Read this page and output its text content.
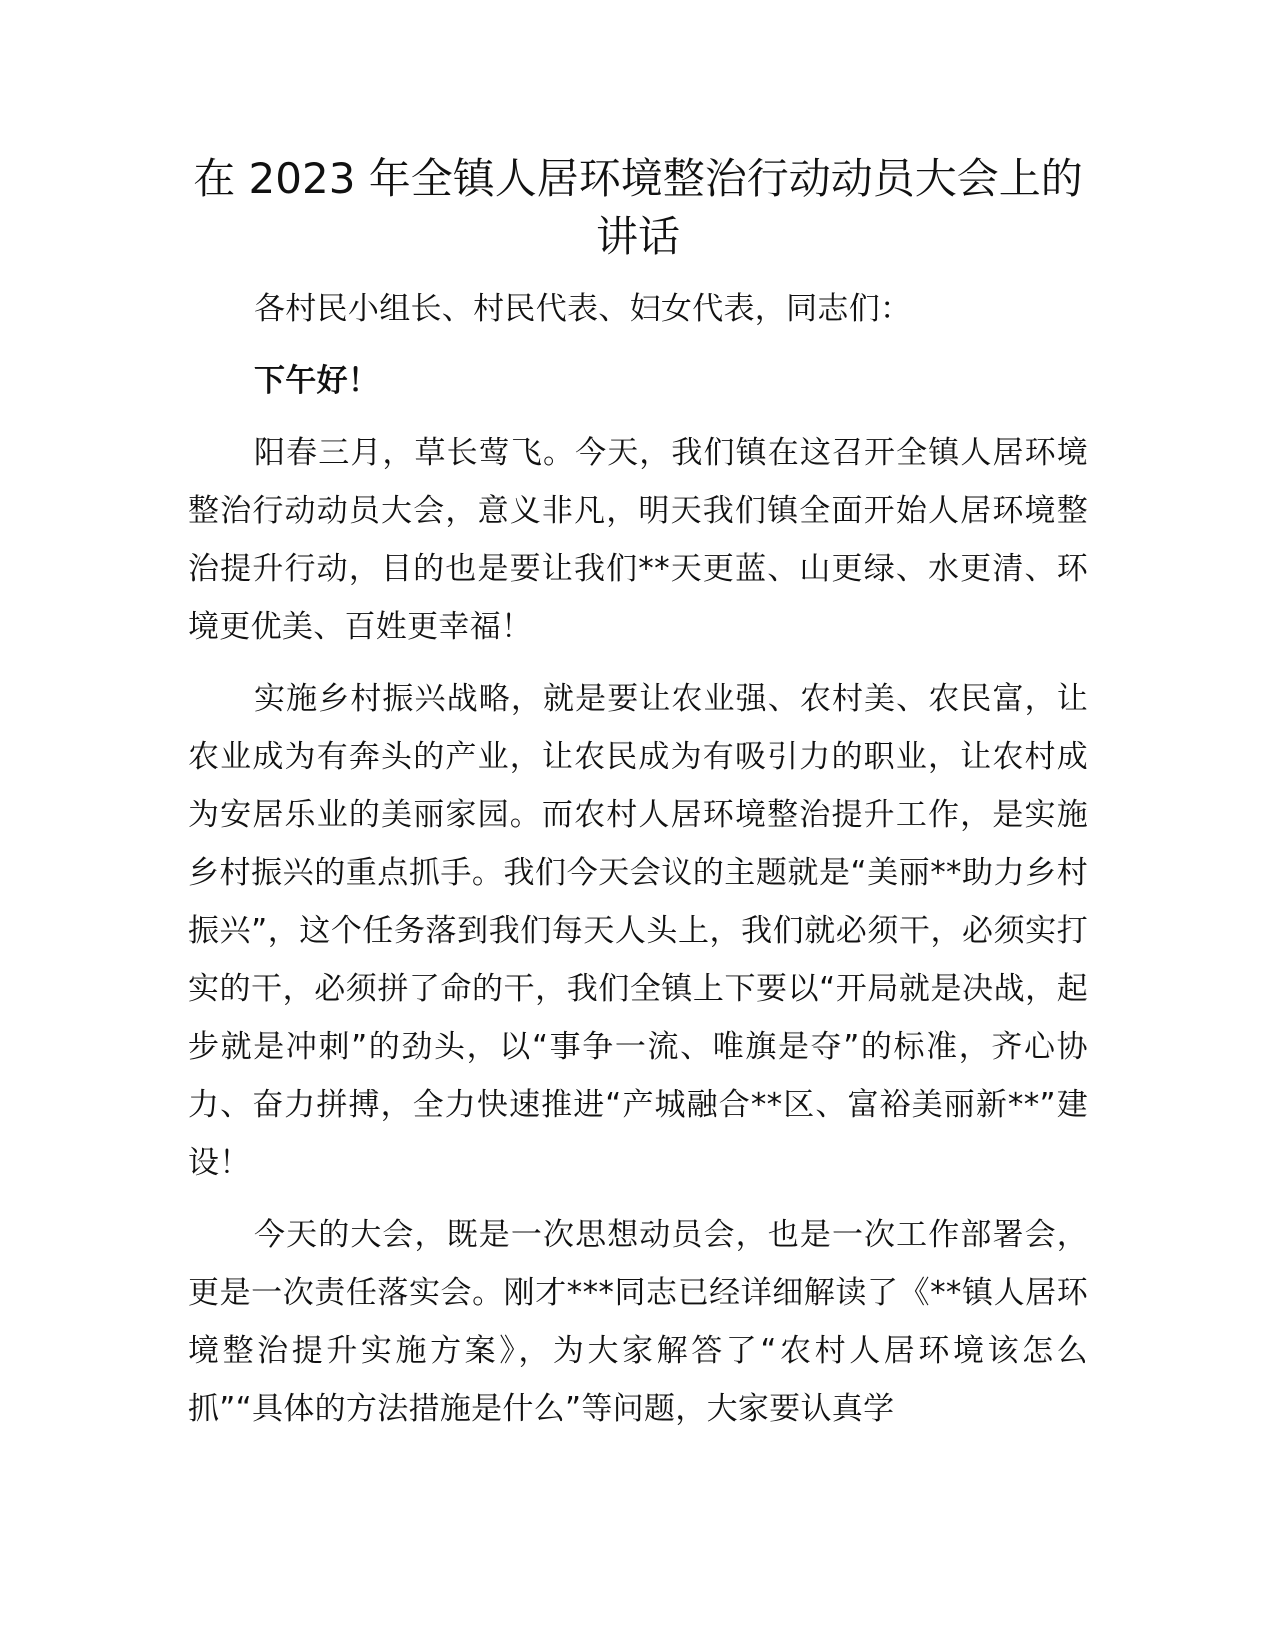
在 2023 年全镇人居环境整治行动动员大会上的讲话

各村民小组长、村民代表、妇女代表，同志们：

下午好！

阳春三月，草长莺飞。今天，我们镇在这召开全镇人居环境整治行动动员大会，意义非凡，明天我们镇全面开始人居环境整治提升行动，目的也是要让我们**天更蓝、山更绿、水更清、环境更优美、百姓更幸福！

实施乡村振兴战略，就是要让农业强、农村美、农民富，让农业成为有奔头的产业，让农民成为有吸引力的职业，让农村成为安居乐业的美丽家园。而农村人居环境整治提升工作，是实施乡村振兴的重点抓手。我们今天会议的主题就是“美丽**助力乡村振兴”，这个任务落到我们每天人头上，我们就必须干，必须实打实的干，必须拼了命的干，我们全镇上下要以“开局就是决战，起步就是冲刺”的劲头，以“事争一流、唯旗是夺”的标准，齐心协力、奋力拼搏，全力快速推进“产城融合**区、富裕美丽新**”建设！

今天的大会，既是一次思想动员会，也是一次工作部署会，更是一次责任落实会。刚才***同志已经详细解读了《**镇人居环境整治提升实施方案》，为大家解答了“农村人居环境该怎么抓”“具体的方法措施是什么”等问题，大家要认真学
